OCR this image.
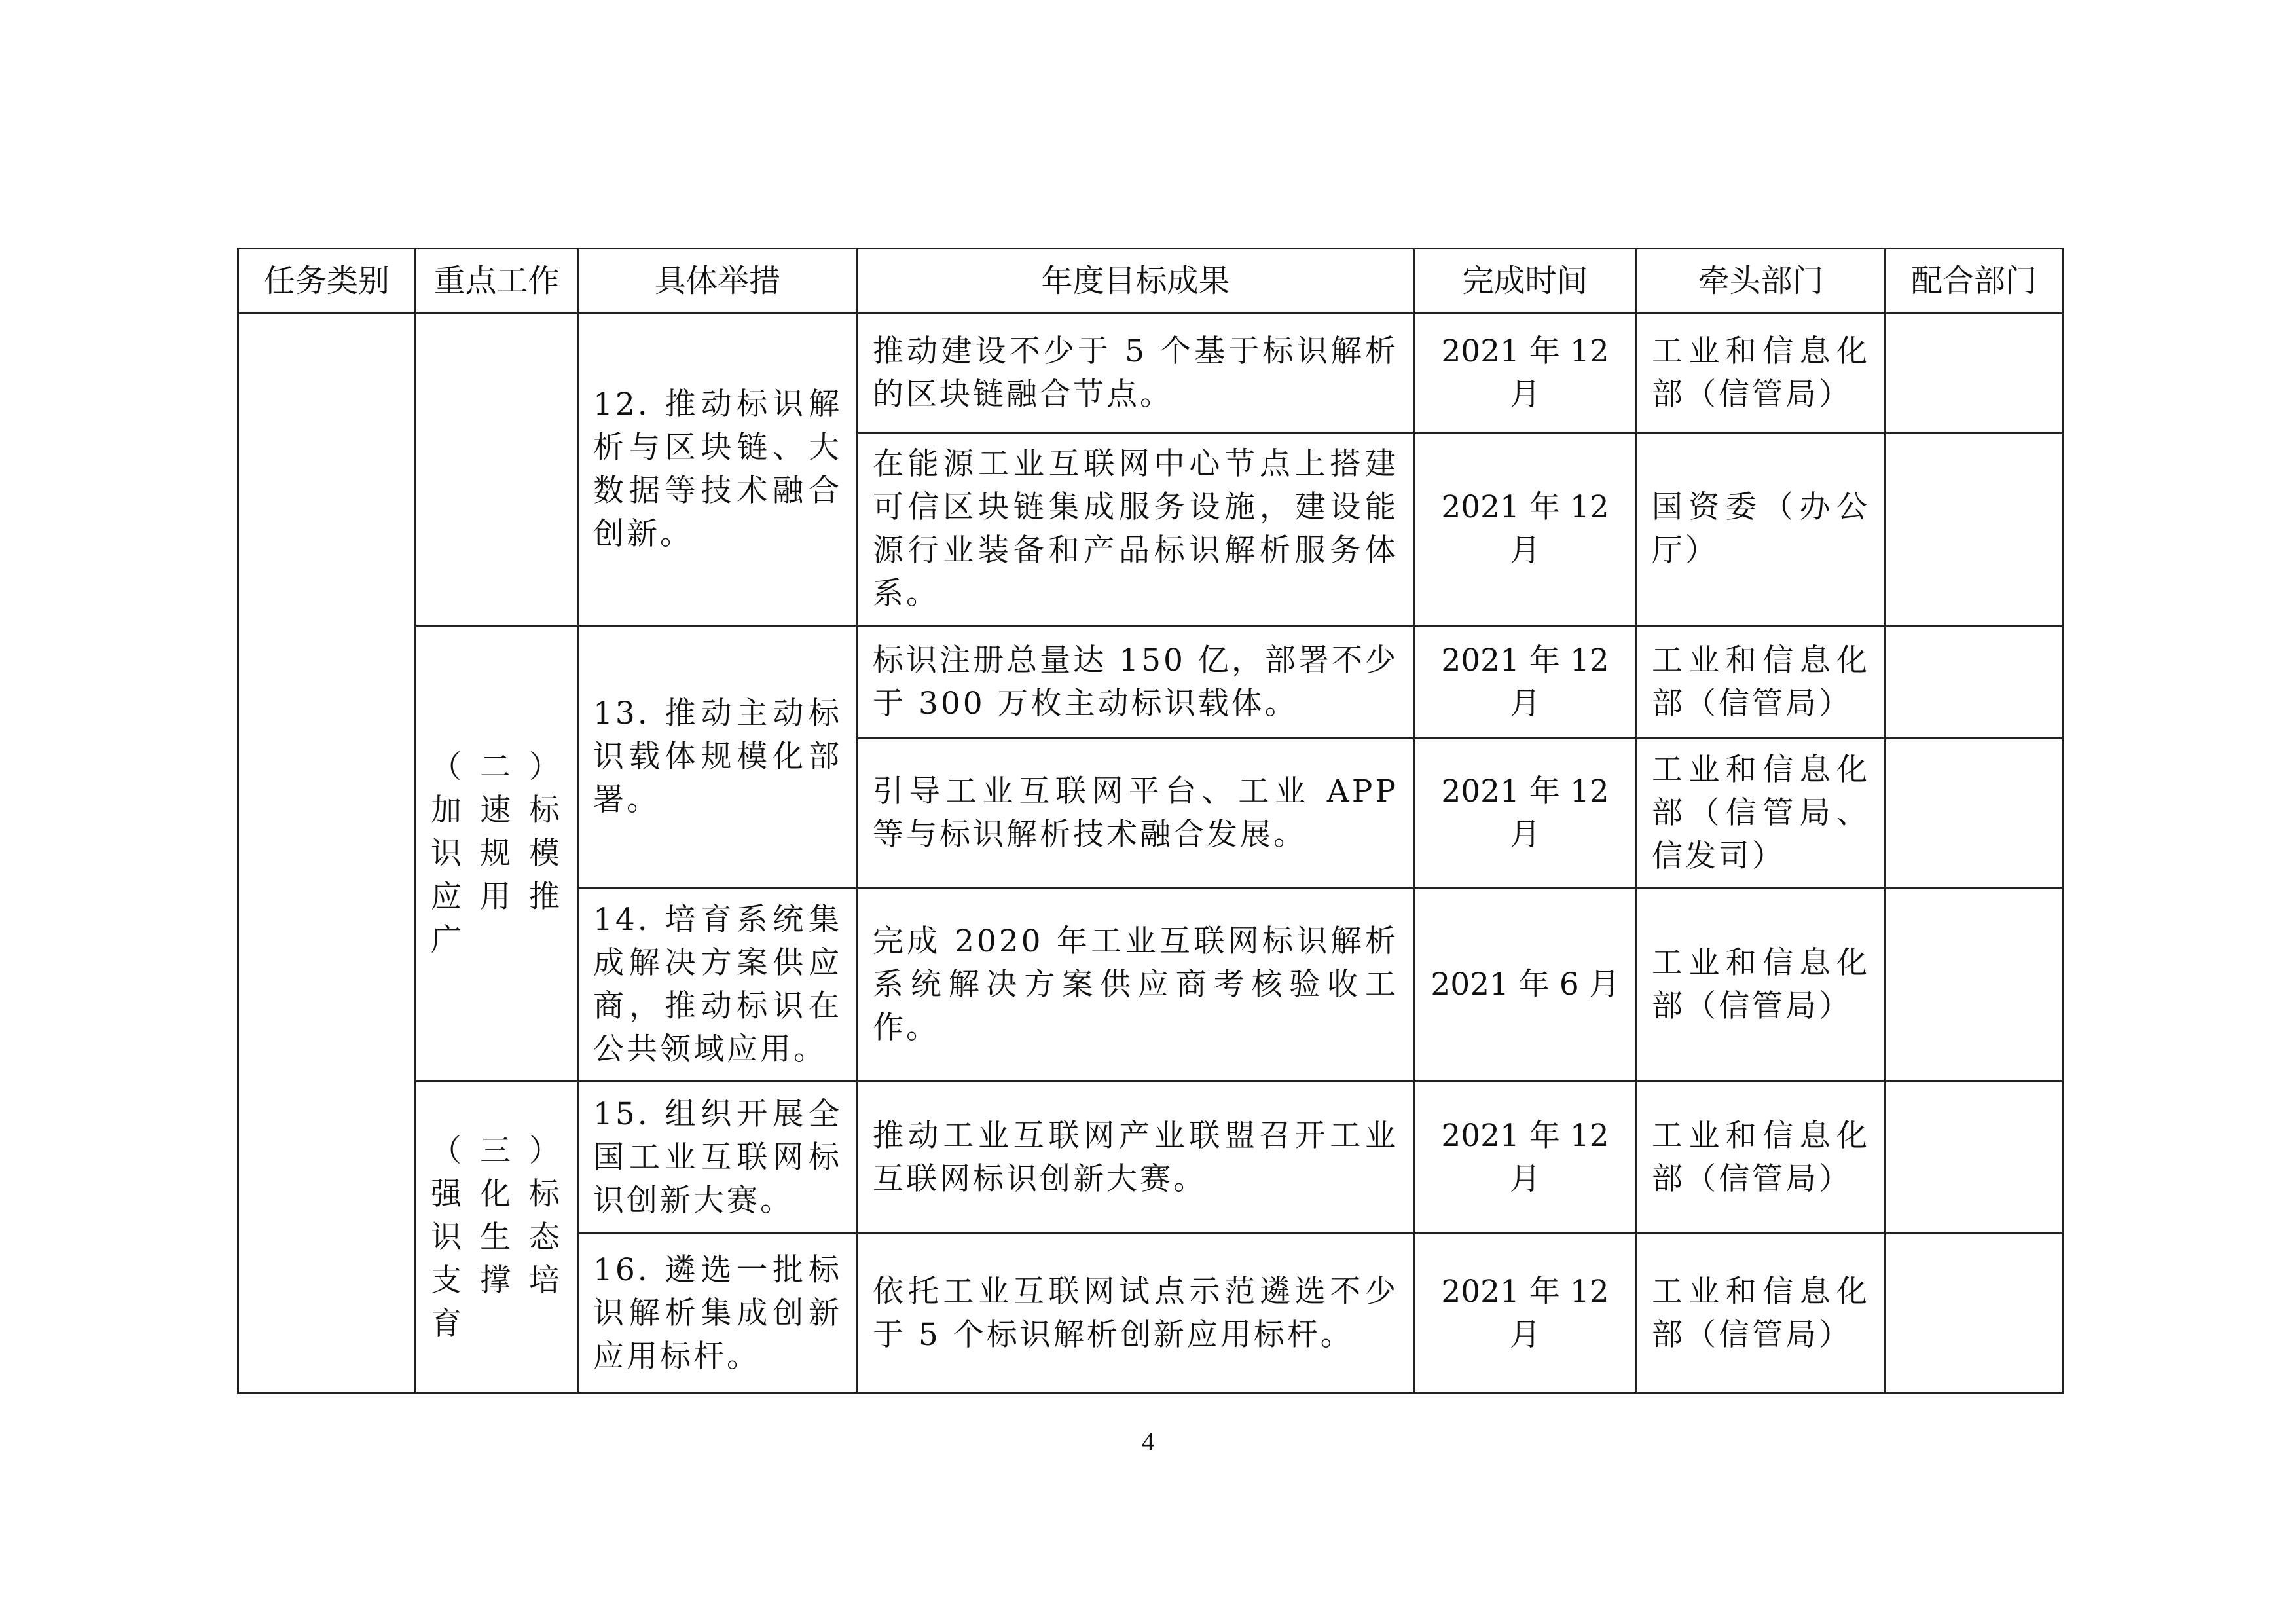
任务类别	重点工作	具体举措	年度目标成果	完成时间	牵头部门	配合部门
		12. 推动标识解析与区块链、大数据等技术融合创新。	推动建设不少于 5 个基于标识解析的区块链融合节点。	2021 年 12 月	工业和信息化部（信管局）	
			在能源工业互联网中心节点上搭建可信区块链集成服务设施，建设能源行业装备和产品标识解析服务体系。	2021 年 12 月	国资委（办公厅）	
	（二）加速标识规模应用推广	13. 推动主动标识载体规模化部署。	标识注册总量达 150 亿，部署不少于 300 万枚主动标识载体。	2021 年 12 月	工业和信息化部（信管局）	
			引导工业互联网平台、工业 APP 等与标识解析技术融合发展。	2021 年 12 月	工业和信息化部（信管局、信发司）	
		14. 培育系统集成解决方案供应商，推动标识在公共领域应用。	完成 2020 年工业互联网标识解析系统解决方案供应商考核验收工作。	2021 年 6 月	工业和信息化部（信管局）	
	（三）强化标识生态支撑培育	15. 组织开展全国工业互联网标识创新大赛。	推动工业互联网产业联盟召开工业互联网标识创新大赛。	2021 年 12 月	工业和信息化部（信管局）	
		16. 遴选一批标识解析集成创新应用标杆。	依托工业互联网试点示范遴选不少于 5 个标识解析创新应用标杆。	2021 年 12 月	工业和信息化部（信管局）	
4
